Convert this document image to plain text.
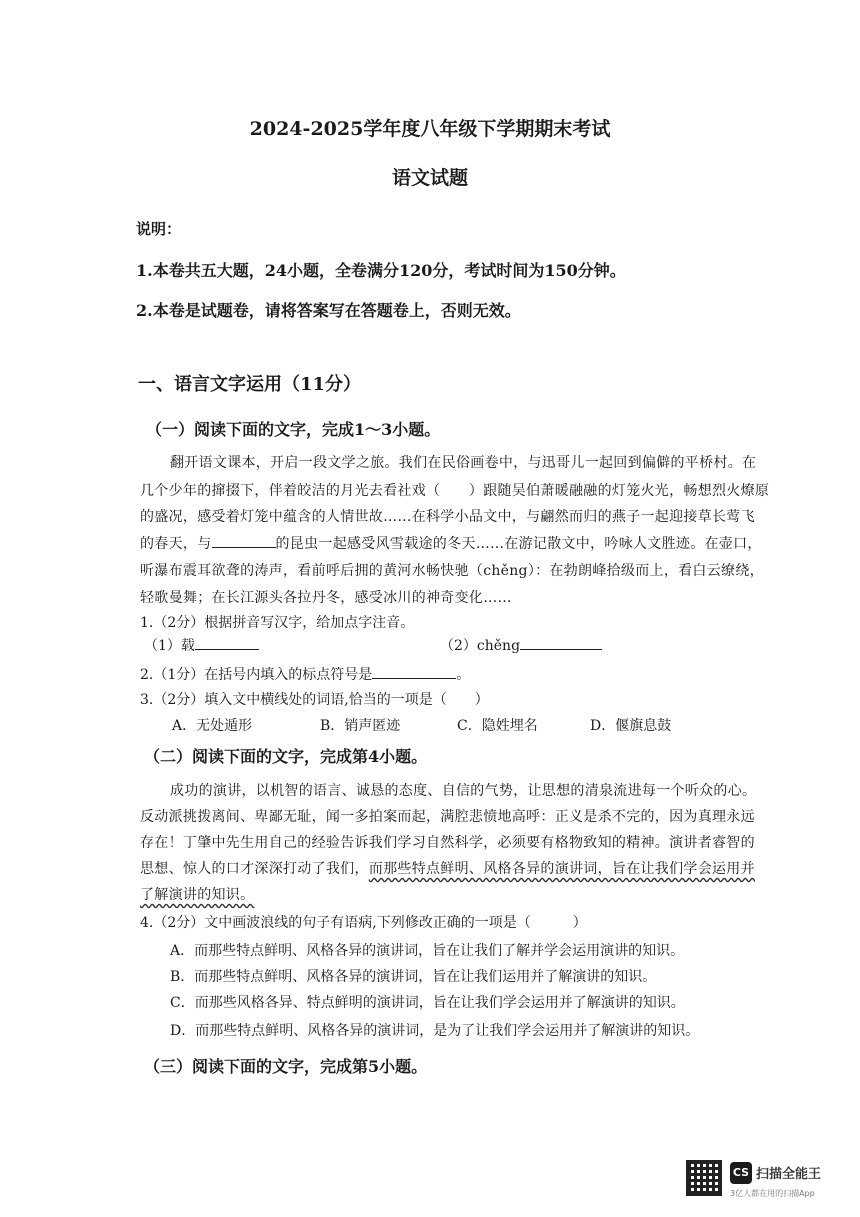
2024-2025学年度八年级下学期期末考试
语文试题
说明：
1.本卷共五大题，24小题，全卷满分120分，考试时间为150分钟。
2.本卷是试题卷，请将答案写在答题卷上，否则无效。
一、语言文字运用（11分）
（一）阅读下面的文字，完成1～3小题。
翻开语文课本，开启一段文学之旅。我们在民俗画卷中，与迅哥儿一起回到偏僻的平桥村。在
几个少年的撺掇下，伴着皎洁的月光去看社戏（　　）跟随吴伯萧暖融融的灯笼火光，畅想烈火燎原
的盛况，感受着灯笼中蕴含的人情世故……在科学小品文中，与翩然而归的燕子一起迎接草长莺飞
的春天，与	的昆虫一起感受风雪载途的冬天……在游记散文中，吟咏人文胜迹。在壶口，
听瀑布震耳欲聋的涛声，看前呼后拥的黄河水畅快驰（chěng）：在勃朗峰拾级而上，看白云缭绕，
轻歌曼舞；在长江源头各拉丹冬，感受冰川的神奇变化……
1.（2分）根据拼音写汉字，给加点字注音。
（1）载	（2）chěng
2.（1分）在括号内填入的标点符号是	。
3.（2分）填入文中横线处的词语,恰当的一项是（　　）
A．无处遁形	B．销声匿迹	C．隐姓埋名	D．偃旗息鼓
（二）阅读下面的文字，完成第4小题。
成功的演讲，以机智的语言、诚恳的态度、自信的气势，让思想的清泉流进每一个听众的心。
反动派挑拨离间、卑鄙无耻，闻一多拍案而起，满腔悲愤地高呼：正义是杀不完的，因为真理永远
存在！丁肇中先生用自己的经验告诉我们学习自然科学，必须要有格物致知的精神。演讲者睿智的
思想、惊人的口才深深打动了我们，而那些特点鲜明、风格各异的演讲词，旨在让我们学会运用并
了解演讲的知识。
4.（2分）文中画波浪线的句子有语病,下列修改正确的一项是（　　　）
A．而那些特点鲜明、风格各异的演讲词，旨在让我们了解并学会运用演讲的知识。
B．而那些特点鲜明、风格各异的演讲词，旨在让我们运用并了解演讲的知识。
C．而那些风格各异、特点鲜明的演讲词，旨在让我们学会运用并了解演讲的知识。
D．而那些特点鲜明、风格各异的演讲词，是为了让我们学会运用并了解演讲的知识。
（三）阅读下面的文字，完成第5小题。
CS 扫描全能王
3亿人都在用的扫描App
